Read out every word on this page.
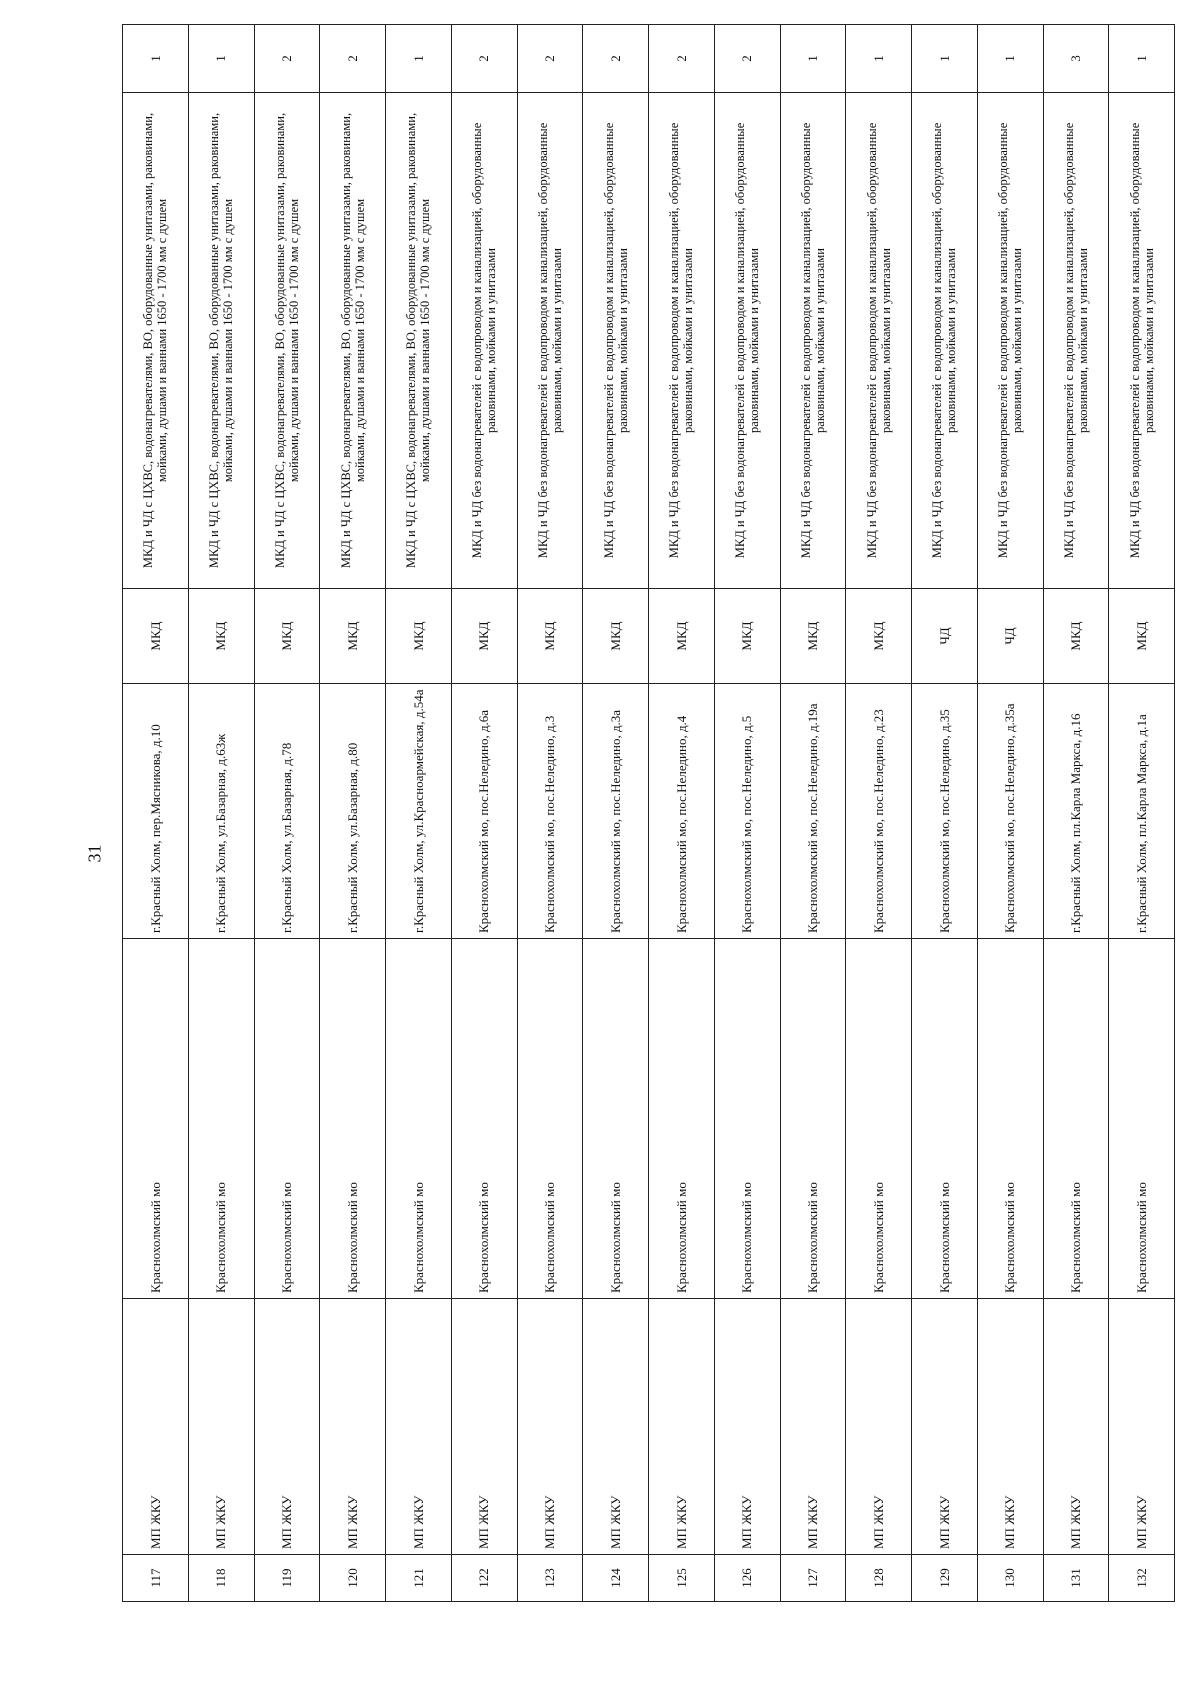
31
117	МП ЖКУ	Краснохолмский мо	г.Красный Холм, пер.Мясникова, д.10	МКД	МКД и ЧД с ЦХВС, водонагревателями, ВО, оборудованные унитазами, раковинами, мойками, душами и ваннами 1650 - 1700 мм с душем	1
118	МП ЖКУ	Краснохолмский мо	г.Красный Холм, ул.Базарная, д.63ж	МКД	МКД и ЧД с ЦХВС, водонагревателями, ВО, оборудованные унитазами, раковинами, мойками, душами и ваннами 1650 - 1700 мм с душем	1
119	МП ЖКУ	Краснохолмский мо	г.Красный Холм, ул.Базарная, д.78	МКД	МКД и ЧД с ЦХВС, водонагревателями, ВО, оборудованные унитазами, раковинами, мойками, душами и ваннами 1650 - 1700 мм с душем	2
120	МП ЖКУ	Краснохолмский мо	г.Красный Холм, ул.Базарная, д.80	МКД	МКД и ЧД с ЦХВС, водонагревателями, ВО, оборудованные унитазами, раковинами, мойками, душами и ваннами 1650 - 1700 мм с душем	2
121	МП ЖКУ	Краснохолмский мо	г.Красный Холм, ул.Красноармейская, д.54а	МКД	МКД и ЧД с ЦХВС, водонагревателями, ВО, оборудованные унитазами, раковинами, мойками, душами и ваннами 1650 - 1700 мм с душем	1
122	МП ЖКУ	Краснохолмский мо	Краснохолмский мо, пос.Неледино, д.6а	МКД	МКД и ЧД без водонагревателей с водопроводом и канализацией, оборудованные раковинами, мойками и унитазами	2
123	МП ЖКУ	Краснохолмский мо	Краснохолмский мо, пос.Неледино, д.3	МКД	МКД и ЧД без водонагревателей с водопроводом и канализацией, оборудованные раковинами, мойками и унитазами	2
124	МП ЖКУ	Краснохолмский мо	Краснохолмский мо, пос.Неледино, д.3а	МКД	МКД и ЧД без водонагревателей с водопроводом и канализацией, оборудованные раковинами, мойками и унитазами	2
125	МП ЖКУ	Краснохолмский мо	Краснохолмский мо, пос.Неледино, д.4	МКД	МКД и ЧД без водонагревателей с водопроводом и канализацией, оборудованные раковинами, мойками и унитазами	2
126	МП ЖКУ	Краснохолмский мо	Краснохолмский мо, пос.Неледино, д.5	МКД	МКД и ЧД без водонагревателей с водопроводом и канализацией, оборудованные раковинами, мойками и унитазами	2
127	МП ЖКУ	Краснохолмский мо	Краснохолмский мо, пос.Неледино, д.19а	МКД	МКД и ЧД без водонагревателей с водопроводом и канализацией, оборудованные раковинами, мойками и унитазами	1
128	МП ЖКУ	Краснохолмский мо	Краснохолмский мо, пос.Неледино, д.23	МКД	МКД и ЧД без водонагревателей с водопроводом и канализацией, оборудованные раковинами, мойками и унитазами	1
129	МП ЖКУ	Краснохолмский мо	Краснохолмский мо, пос.Неледино, д.35	ЧД	МКД и ЧД без водонагревателей с водопроводом и канализацией, оборудованные раковинами, мойками и унитазами	1
130	МП ЖКУ	Краснохолмский мо	Краснохолмский мо, пос.Неледино, д.35а	ЧД	МКД и ЧД без водонагревателей с водопроводом и канализацией, оборудованные раковинами, мойками и унитазами	1
131	МП ЖКУ	Краснохолмский мо	г.Красный Холм, пл.Карла Маркса, д.16	МКД	МКД и ЧД без водонагревателей с водопроводом и канализацией, оборудованные раковинами, мойками и унитазами	3
132	МП ЖКУ	Краснохолмский мо	г.Красный Холм, пл.Карла Маркса, д.1а	МКД	МКД и ЧД без водонагревателей с водопроводом и канализацией, оборудованные раковинами, мойками и унитазами	1
